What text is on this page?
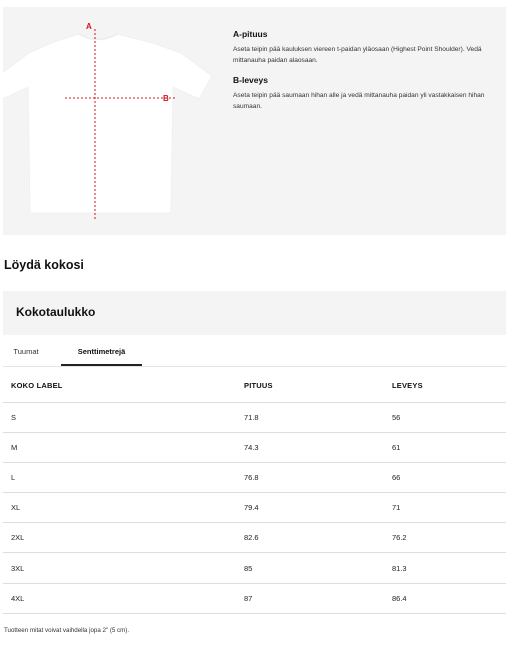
A
B
A-pituus
Aseta teipin pää kauluksen viereen t-paidan yläosaan (Highest Point Shoulder). Vedä mittanauha paidan alaosaan.
B-leveys
Aseta teipin pää saumaan hihan alle ja vedä mittanauha paidan yli vastakkaisen hihan saumaan.
Löydä kokosi
Kokotaulukko
Tuumat	Senttimetrejä
KOKO LABEL	PITUUS	LEVEYS
S	71.8	56
M	74.3	61
L	76.8	66
XL	79.4	71
2XL	82.6	76.2
3XL	85	81.3
4XL	87	86.4
Tuotteen mitat voivat vaihdella jopa 2" (5 cm).
